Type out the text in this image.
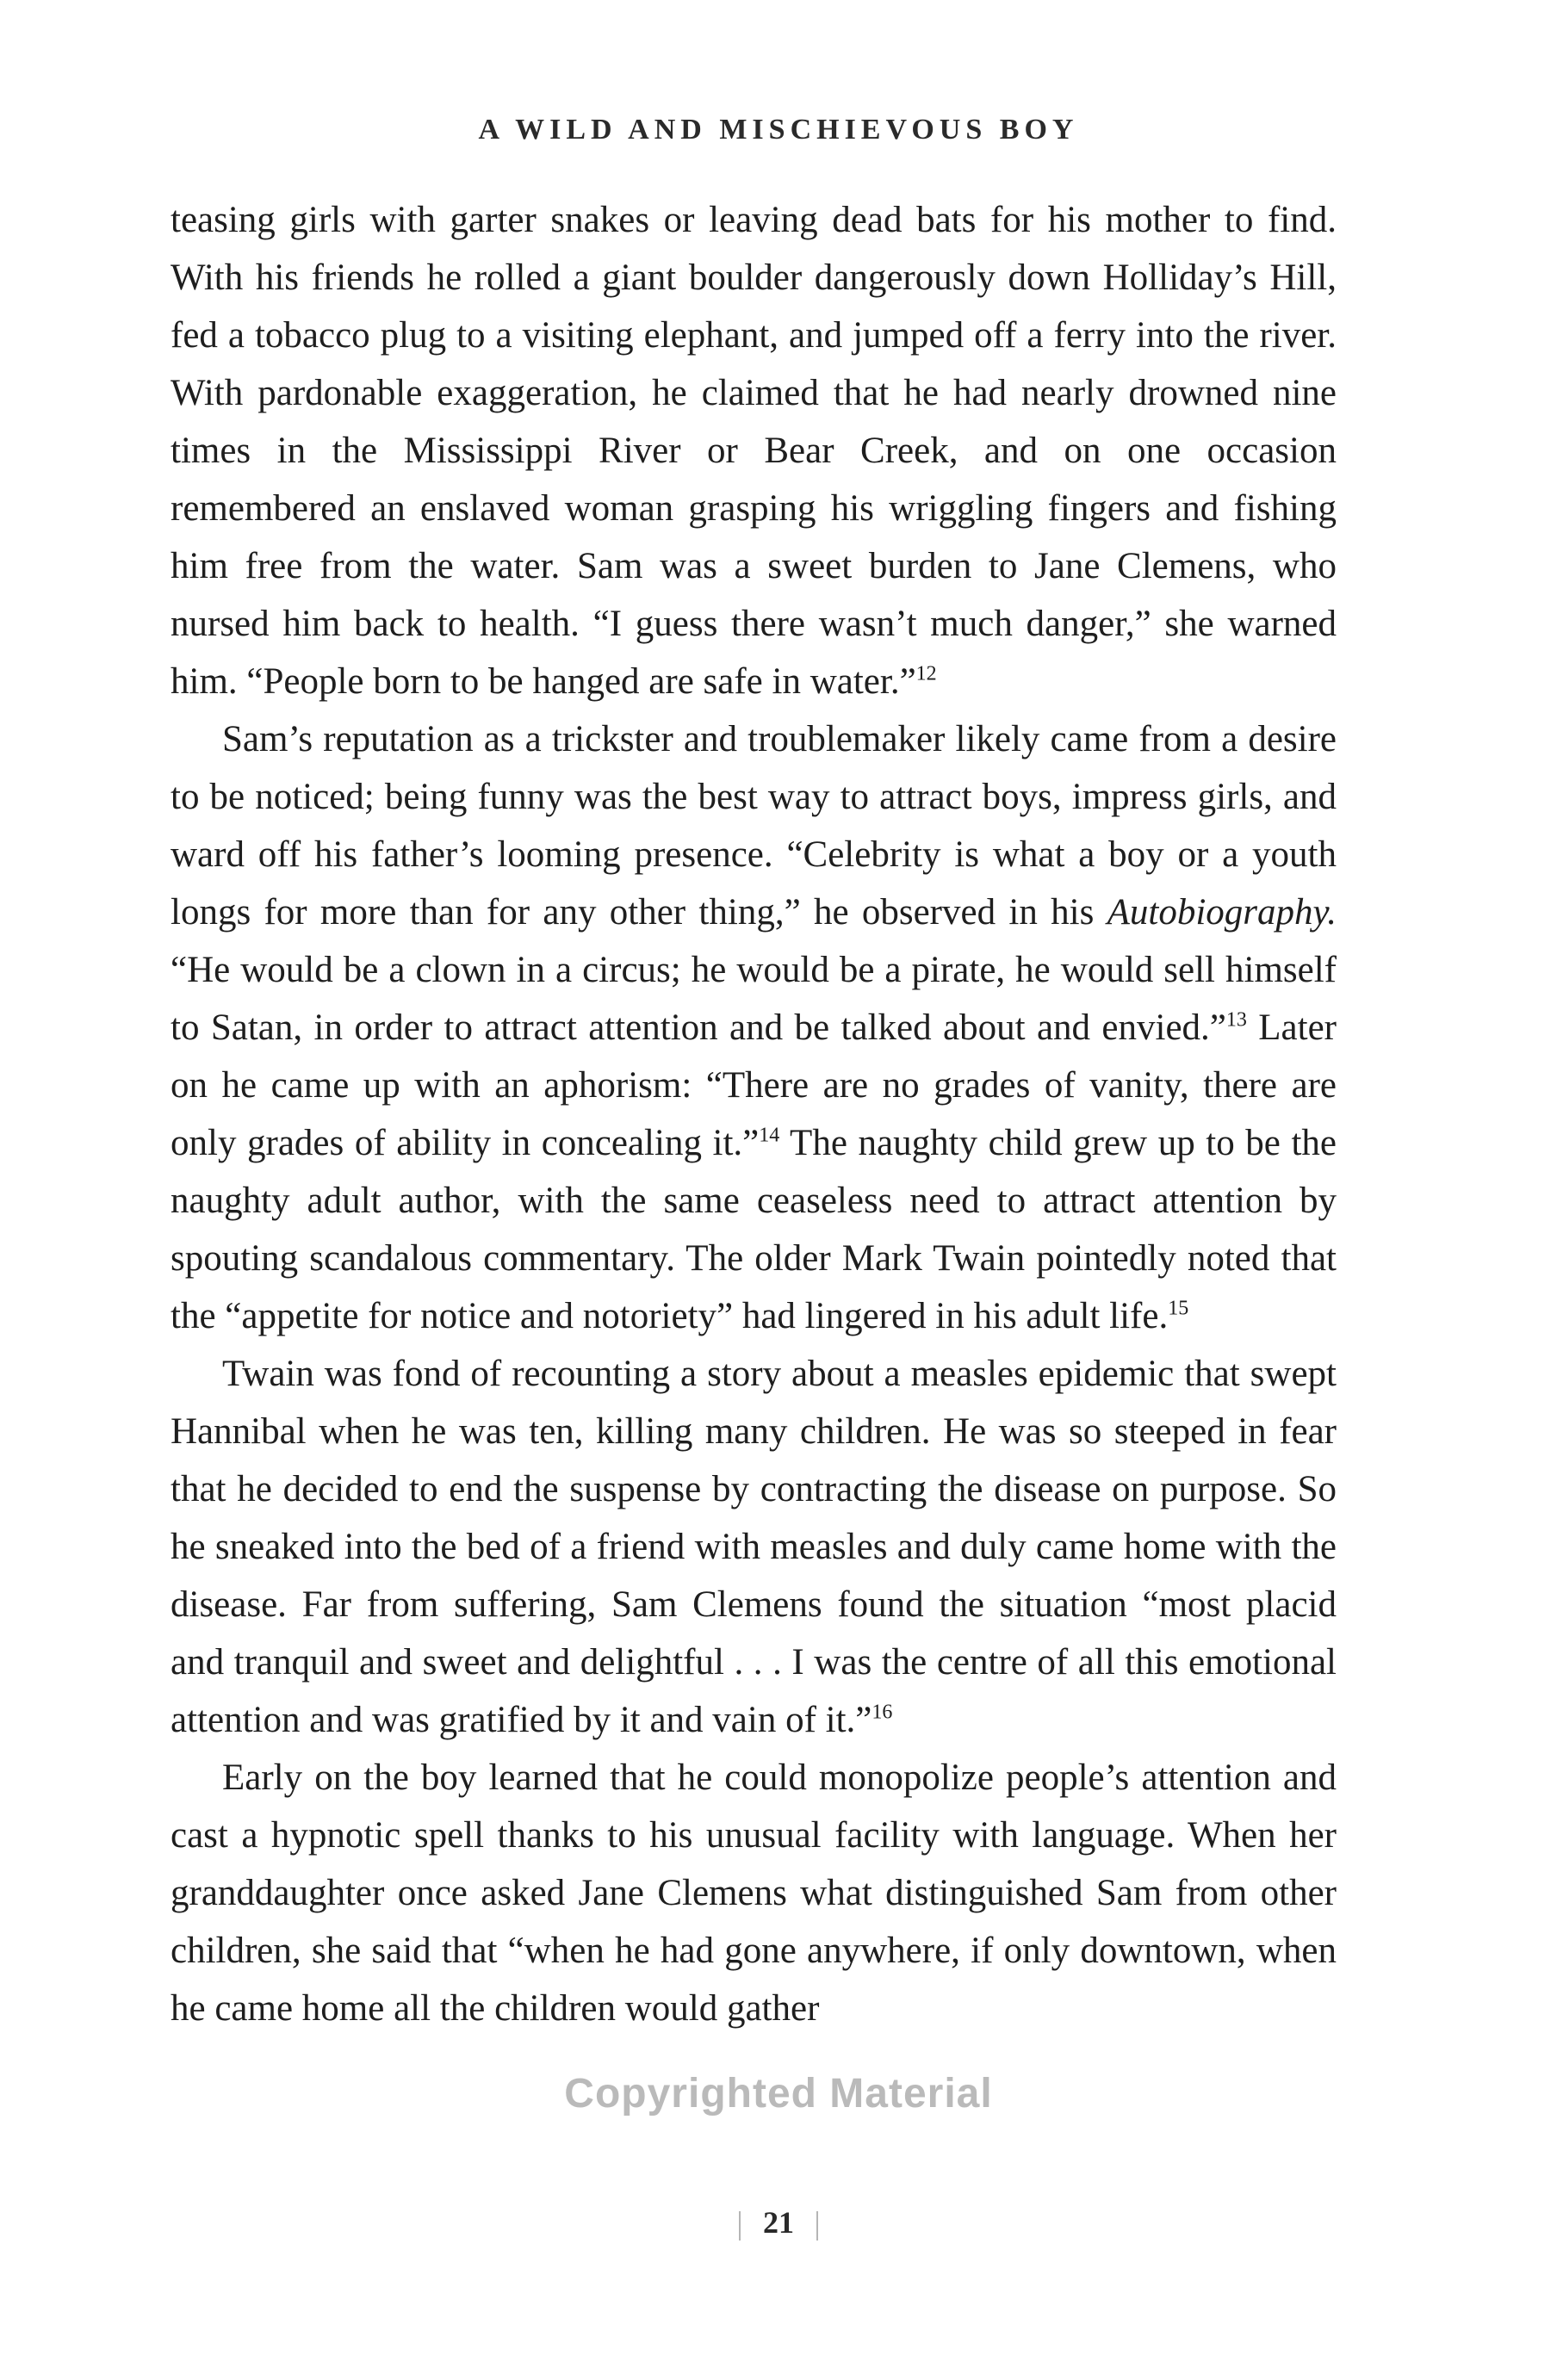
A WILD AND MISCHIEVOUS BOY

teasing girls with garter snakes or leaving dead bats for his mother to find. With his friends he rolled a giant boulder dangerously down Holliday’s Hill, fed a tobacco plug to a visiting elephant, and jumped off a ferry into the river. With pardonable exaggeration, he claimed that he had nearly drowned nine times in the Mississippi River or Bear Creek, and on one occasion remembered an enslaved woman grasping his wriggling fingers and fishing him free from the water. Sam was a sweet burden to Jane Clemens, who nursed him back to health. “I guess there wasn’t much danger,” she warned him. “People born to be hanged are safe in water.”$^{12}$

Sam’s reputation as a trickster and troublemaker likely came from a desire to be noticed; being funny was the best way to attract boys, impress girls, and ward off his father’s looming presence. “Celebrity is what a boy or a youth longs for more than for any other thing,” he observed in his Autobiography. “He would be a clown in a circus; he would be a pirate, he would sell himself to Satan, in order to attract attention and be talked about and envied.”$^{13}$ Later on he came up with an aphorism: “There are no grades of vanity, there are only grades of ability in concealing it.”$^{14}$ The naughty child grew up to be the naughty adult author, with the same ceaseless need to attract attention by spouting scandalous commentary. The older Mark Twain pointedly noted that the “appetite for notice and notoriety” had lingered in his adult life.$^{15}$

Twain was fond of recounting a story about a measles epidemic that swept Hannibal when he was ten, killing many children. He was so steeped in fear that he decided to end the suspense by contracting the disease on purpose. So he sneaked into the bed of a friend with measles and duly came home with the disease. Far from suffering, Sam Clemens found the situation “most placid and tranquil and sweet and delightful . . . I was the centre of all this emotional attention and was gratified by it and vain of it.”$^{16}$

Early on the boy learned that he could monopolize people’s attention and cast a hypnotic spell thanks to his unusual facility with language. When her granddaughter once asked Jane Clemens what distinguished Sam from other children, she said that “when he had gone anywhere, if only downtown, when he came home all the children would gather

Copyrighted Material
21
